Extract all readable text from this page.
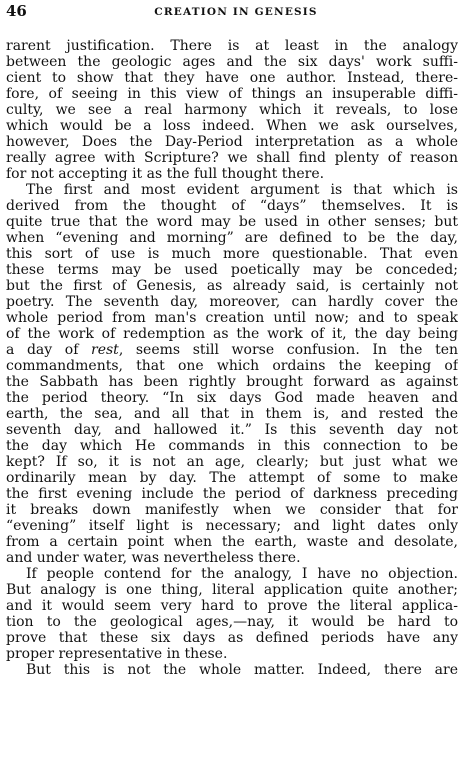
46	CREATION IN GENESIS
rarent justification. There is at least in the analogy
between the geologic ages and the six days' work suffi-
cient to show that they have one author. Instead, there-
fore, of seeing in this view of things an insuperable diffi-
culty, we see a real harmony which it reveals, to lose
which would be a loss indeed. When we ask ourselves,
however, Does the Day-Period interpretation as a whole
really agree with Scripture? we shall find plenty of reason
for not accepting it as the full thought there.
The first and most evident argument is that which is
derived from the thought of “days” themselves. It is
quite true that the word may be used in other senses; but
when “evening and morning” are defined to be the day,
this sort of use is much more questionable. That even
these terms may be used poetically may be conceded;
but the first of Genesis, as already said, is certainly not
poetry. The seventh day, moreover, can hardly cover the
whole period from man's creation until now; and to speak
of the work of redemption as the work of it, the day being
a day of rest, seems still worse confusion. In the ten
commandments, that one which ordains the keeping of
the Sabbath has been rightly brought forward as against
the period theory. “In six days God made heaven and
earth, the sea, and all that in them is, and rested the
seventh day, and hallowed it.” Is this seventh day not
the day which He commands in this connection to be
kept? If so, it is not an age, clearly; but just what we
ordinarily mean by day. The attempt of some to make
the first evening include the period of darkness preceding
it breaks down manifestly when we consider that for
“evening” itself light is necessary; and light dates only
from a certain point when the earth, waste and desolate,
and under water, was nevertheless there.
If people contend for the analogy, I have no objection.
But analogy is one thing, literal application quite another;
and it would seem very hard to prove the literal applica-
tion to the geological ages,—nay, it would be hard to
prove that these six days as defined periods have any
proper representative in these.
But this is not the whole matter. Indeed, there are
